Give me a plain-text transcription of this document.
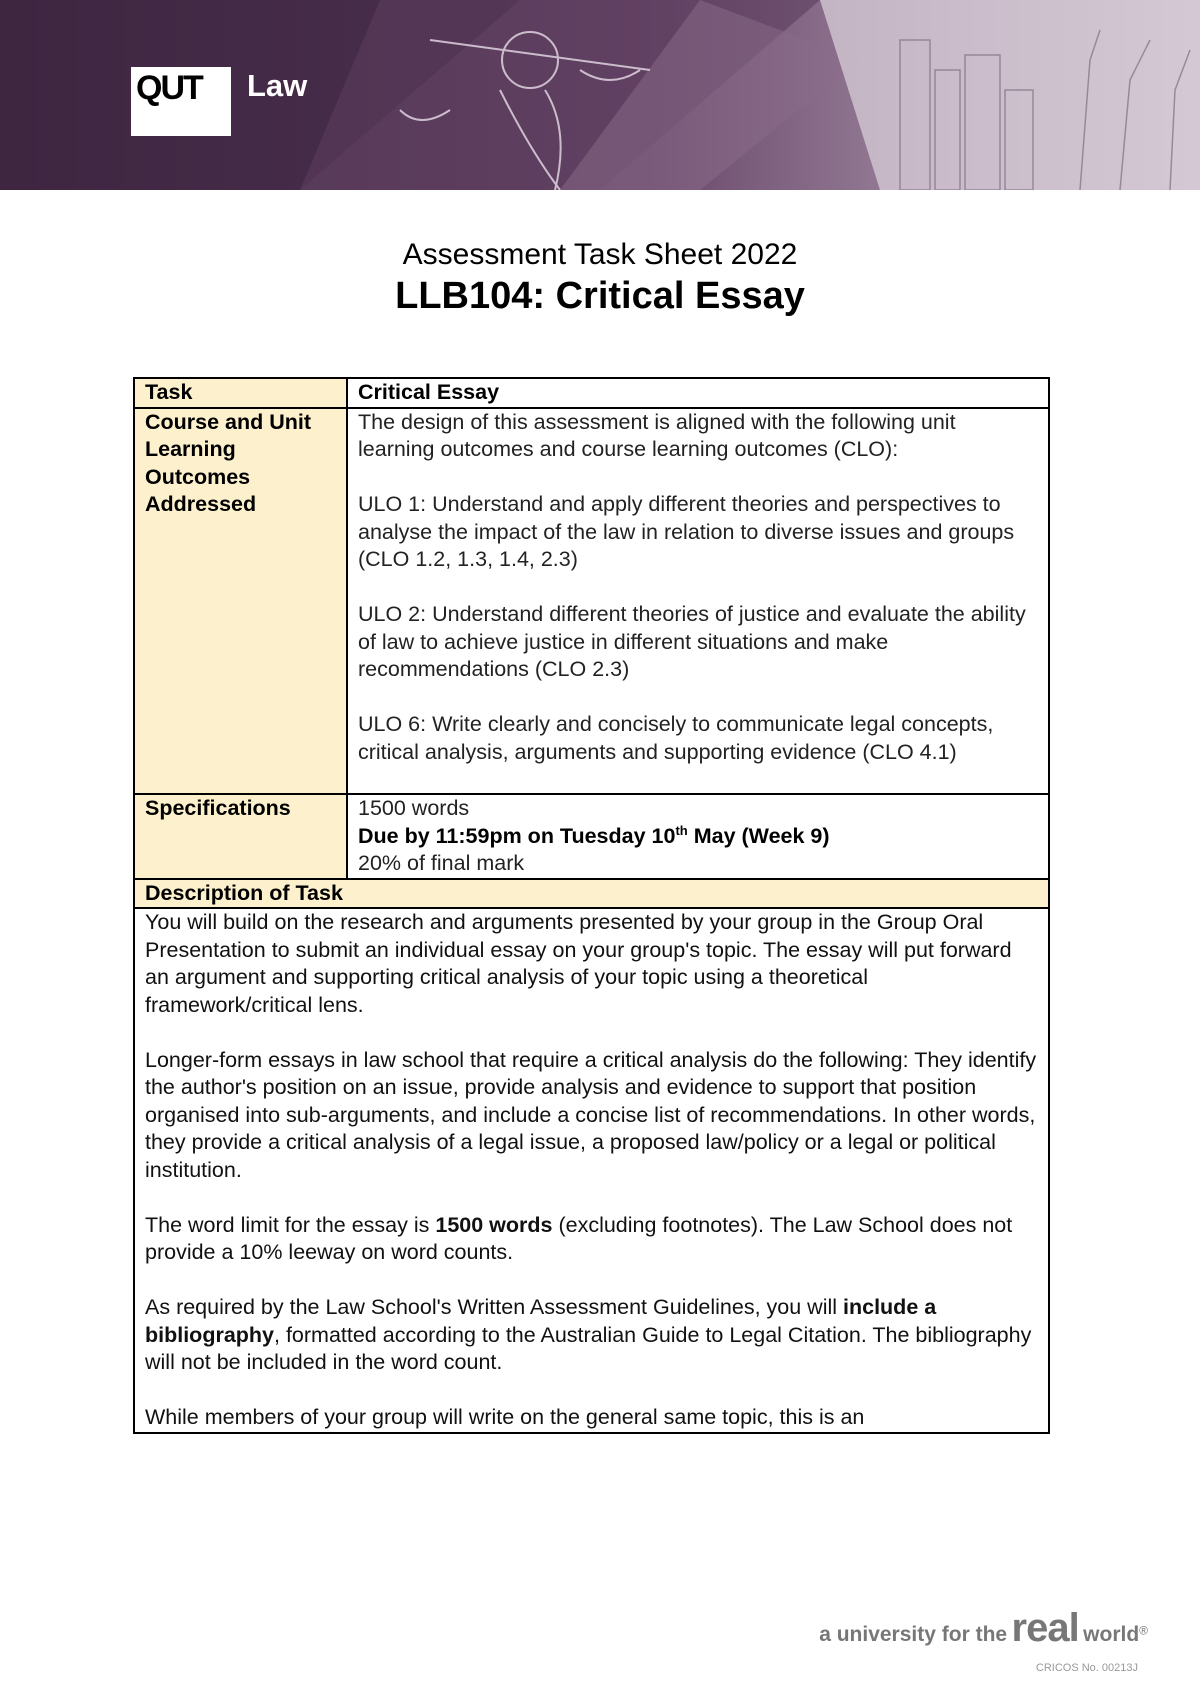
QUT Law
Assessment Task Sheet 2022
LLB104: Critical Essay
Task	Critical Essay
Course and Unit Learning Outcomes Addressed	The design of this assessment is aligned with the following unit learning outcomes and course learning outcomes (CLO):

ULO 1: Understand and apply different theories and perspectives to analyse the impact of the law in relation to diverse issues and groups (CLO 1.2, 1.3, 1.4, 2.3)

ULO 2: Understand different theories of justice and evaluate the ability of law to achieve justice in different situations and make recommendations (CLO 2.3)

ULO 6: Write clearly and concisely to communicate legal concepts, critical analysis, arguments and supporting evidence (CLO 4.1)

Specifications	1500 words

Due by 11:59pm on Tuesday 10th May (Week 9)

20% of final mark

Description of Task	

You will build on the research and arguments presented by your group in the Group Oral Presentation to submit an individual essay on your group's topic. The essay will put forward an argument and supporting critical analysis of your topic using a theoretical framework/critical lens.

Longer-form essays in law school that require a critical analysis do the following: They identify the author's position on an issue, provide analysis and evidence to support that position organised into sub-arguments, and include a concise list of recommendations. In other words, they provide a critical analysis of a legal issue, a proposed law/policy or a legal or political institution.

The word limit for the essay is 1500 words (excluding footnotes). The Law School does not provide a 10% leeway on word counts.

As required by the Law School's Written Assessment Guidelines, you will include a bibliography, formatted according to the Australian Guide to Legal Citation. The bibliography will not be included in the word count.

While members of your group will write on the general same topic, this is an	

a university for the real world®
CRICOS No. 00213J
